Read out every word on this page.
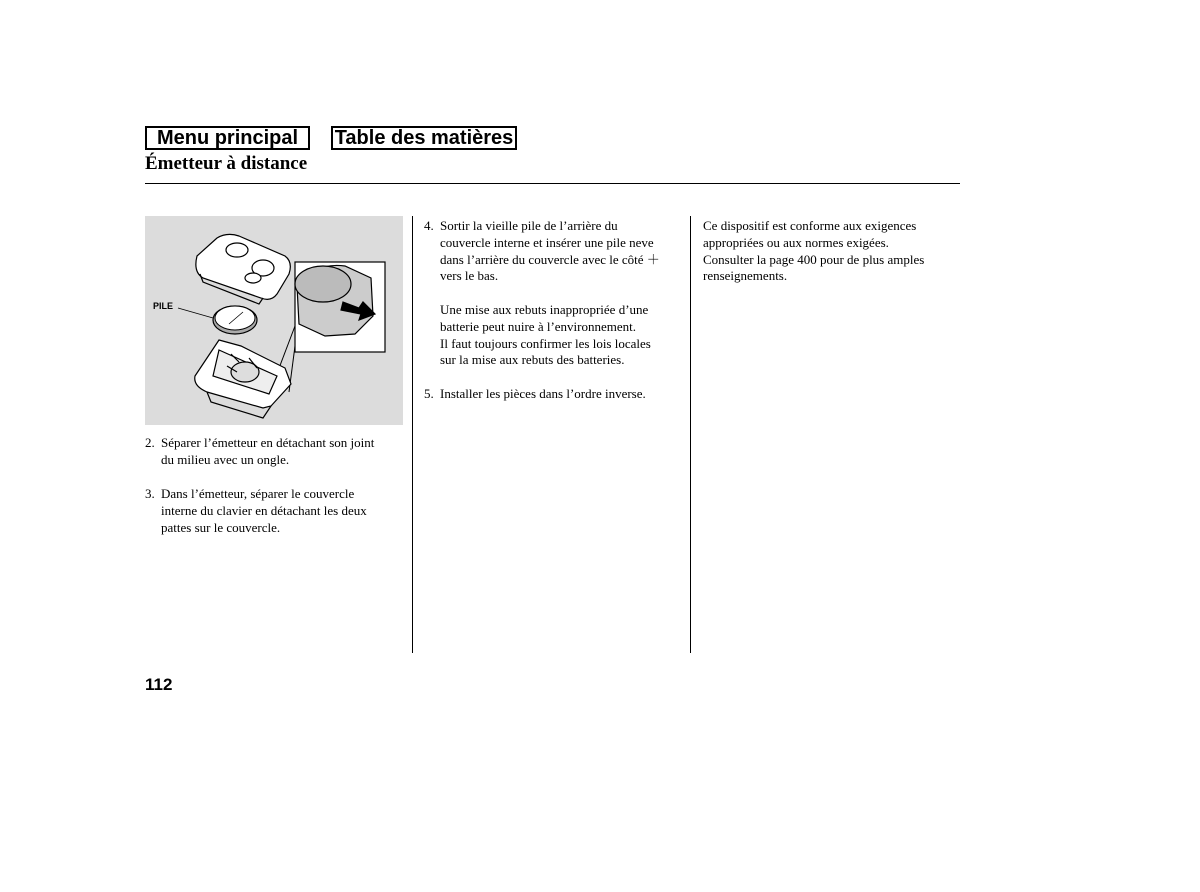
Menu principal	Table des matières
Émetteur à distance
PILE
2. Séparer l’émetteur en détachant son joint
du milieu avec un ongle.
3. Dans l’émetteur, séparer le couvercle
interne du clavier en détachant les deux
pattes sur le couvercle.
4. Sortir la vieille pile de l’arrière du
couvercle interne et insérer une pile neve
dans l’arrière du couvercle avec le côté ＋
vers le bas.
Une mise aux rebuts inappropriée d’une
batterie peut nuire à l’environnement.
Il faut toujours confirmer les lois locales
sur la mise aux rebuts des batteries.
5. Installer les pièces dans l’ordre inverse.
Ce dispositif est conforme aux exigences
appropriées ou aux normes exigées.
Consulter la page 400 pour de plus amples
renseignements.
112
